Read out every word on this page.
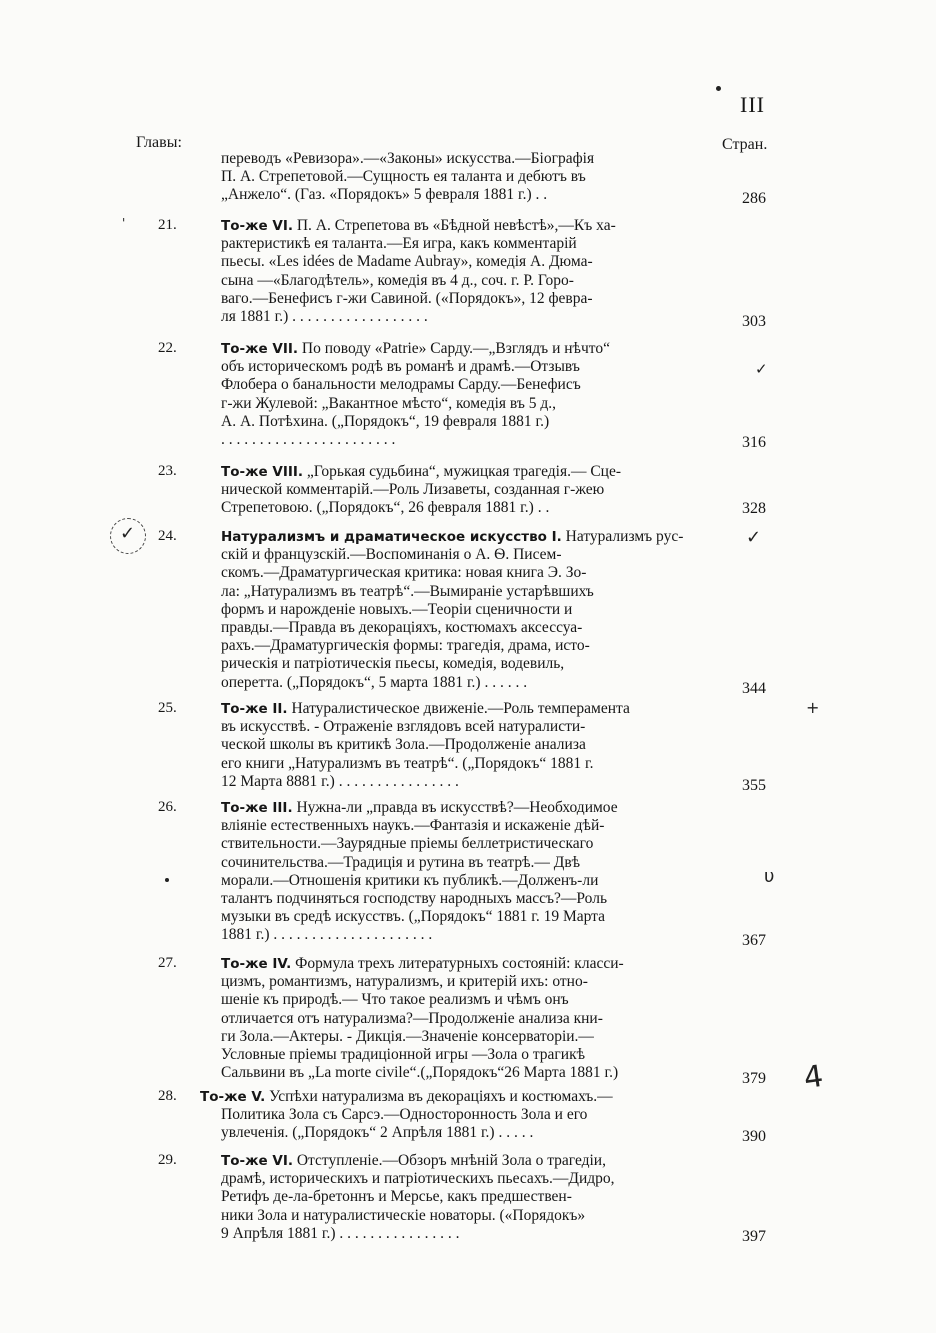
III
Главы:	Стран.
переводъ «Ревизора».—«Законы» искусства.—Біографія
П. А. Стрепетовой.—Сущность ея таланта и дебютъ въ
„Анжело“. (Газ. «Порядокъ» 5 февраля 1881 г.) . .	286
21.	То-же VI. П. А. Стрепетова въ «Бѣдной невѣстѣ»,—Къ ха-
рактеристикѣ ея таланта.—Ея игра, какъ комментарій
пьесы. «Les idées de Madame Aubray», комедія А. Дюма-
сына —«Благодѣтель», комедія въ 4 д., соч. г. Р. Горо-
ваго.—Бенефисъ г-жи Савиной. («Порядокъ», 12 февра-
ля 1881 г.) . . . . . . . . . . . . . . . . . .	303
22.	То-же VII. По поводу «Patrie» Сарду.—„Взглядъ и нѣчто“
объ историческомъ родѣ въ романѣ и драмѣ.—Отзывъ
Флобера о банальности мелодрамы Сарду.—Бенефисъ
г-жи Жулевой: „Вакантное мѣсто“, комедія въ 5 д.,
А. А. Потѣхина. („Порядокъ“, 19 февраля 1881 г.)
. . . . . . . . . . . . . . . . . . . . . . .	316
23.	То-же VIII. „Горькая судьбина“, мужицкая трагедія.— Сце-
нической комментарій.—Роль Лизаветы, созданная г-жею
Стрепетовою. („Порядокъ“, 26 февраля 1881 г.) . .	328
24.	Натурализмъ и драматическое искусство I. Натурализмъ рус-
скій и французскій.—Воспоминанія о А. Ѳ. Писем-
скомъ.—Драматургическая критика: новая книга Э. Зо-
ла: „Натурализмъ въ театрѣ“.—Вымираніе устарѣвшихъ
формъ и нарожденіе новыхъ.—Теоріи сценичности и
правды.—Правда въ декораціяхъ, костюмахъ аксессуа-
рахъ.—Драматургическія формы: трагедія, драма, исто-
рическія и патріотическія пьесы, комедія, водевиль,
оперетта. („Порядокъ“, 5 марта 1881 г.) . . . . . .	344
25.	То-же II. Натуралистическое движеніе.—Роль темперамента
въ искусствѣ. - Отраженіе взглядовъ всей натуралисти-
ческой школы въ критикѣ Зола.—Продолженіе анализа
его книги „Натурализмъ въ театрѣ“. („Порядокъ“ 1881 г.
12 Марта 8881 г.) . . . . . . . . . . . . . . . .	355
26.	То-же III. Нужна-ли „правда въ искусствѣ?—Необходимое
вліяніе естественныхъ наукъ.—Фантазія и искаженіе дѣй-
ствительности.—Заурядные пріемы беллетристическаго
сочинительства.—Традиція и рутина въ театрѣ.— Двѣ
морали.—Отношенія критики къ публикѣ.—Долженъ-ли
талантъ подчиняться господству народныхъ массъ?—Роль
музыки въ средѣ искусствъ. („Порядокъ“ 1881 г. 19 Марта
1881 г.) . . . . . . . . . . . . . . . . . . . . .	367
27.	То-же IV. Формула трехъ литературныхъ состояній: класси-
цизмъ, романтизмъ, натурализмъ, и критерій ихъ: отно-
шеніе къ природѣ.— Что такое реализмъ и чѣмъ онъ
отличается отъ натурализма?—Продолженіе анализа кни-
ги Зола.—Актеры. - Дикція.—Значеніе консерваторіи.—
Условные пріемы традиціонной игры —Зола о трагикѣ
Сальвини въ „La morte civile“.(„Порядокъ“26 Марта 1881 г.)	379
28. То-же V. Успѣхи натурализма въ декораціяхъ и костюмахъ.—
Политика Зола съ Сарсэ.—Односторонность Зола и его
увлеченія. („Порядокъ“ 2 Апрѣля 1881 г.) . . . . .	390
29.	То-же VI. Отступленіе.—Обзоръ мнѣній Зола о трагедіи,
драмѣ, историческихъ и патріотическихъ пьесахъ.—Дидро,
Ретифъ де-ла-бретоннъ и Мерсье, какъ предшествен-
ники Зола и натуралистическіе новаторы. («Порядокъ»
9 Апрѣля 1881 г.) . . . . . . . . . . . . . . . .	397
'
✓
✓
✓
+
υ
4
